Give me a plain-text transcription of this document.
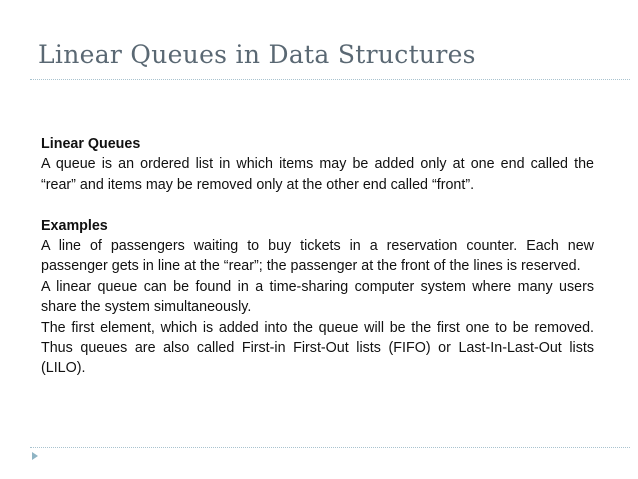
Linear Queues in Data Structures
Linear Queues

A queue is an ordered list in which items may be added only at one end called the “rear” and items may be removed only at the other end called “front”.

Examples

A line of passengers waiting to buy tickets in a reservation counter. Each new passenger gets in line at the “rear”; the passenger at the front of the lines is reserved.

A linear queue can be found in a time-sharing computer system where many users share the system simultaneously.

The first element, which is added into the queue will be the first one to be removed. Thus queues are also called First-in First-Out lists (FIFO) or Last-In-Last-Out lists (LILO).
